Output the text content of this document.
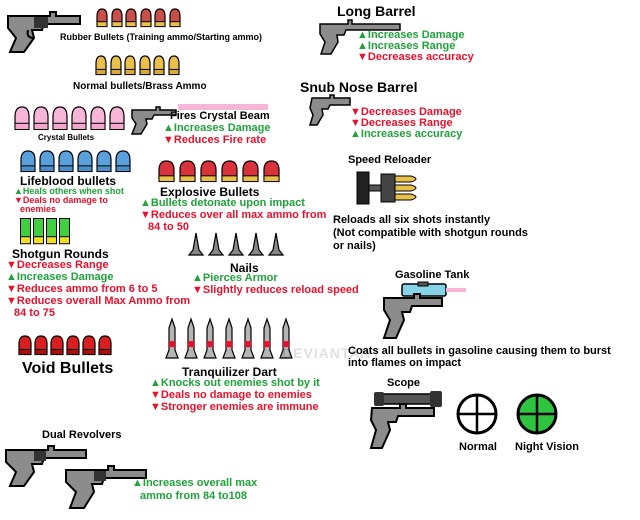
Rubber Bullets (Training ammo/Starting ammo)
Normal bullets/Brass Ammo
Crystal Bullets
Fires Crystal Beam
▲Increases Damage
▼Reduces Fire rate
Lifeblood bullets
▲Heals others when shot
▼Deals no damage to
enemies
Explosive Bullets
▲Bullets detonate upon impact
▼Reduces over all max ammo from
84 to 50
Shotgun Rounds
▼Decreases Range
▲Increases Damage
▼Reduces ammo from 6 to 5
▼Reduces overall Max Ammo from
84 to 75
Nails
▲Pierces Armor
▼Slightly reduces reload speed
Void Bullets	Tranquilizer Dart
▲Knocks out enemies shot by it
▼Deals no damage to enemies
▼Stronger enemies are immune
Dual Revolvers
▲Increases overall max
ammo from 84 to108
Long Barrel
▲Increases Damage
▲Increases Range
▼Decreases accuracy
Snub Nose Barrel
▼Decreases Damage
▼Decreases Range
▲Increases accuracy
Speed Reloader
Reloads all six shots instantly
(Not compatible with shotgun rounds
or nails)
Gasoline Tank
Coats all bullets in gasoline causing them to burst
into flames on impact
Scope
Normal Night Vision
DEVIANTART
